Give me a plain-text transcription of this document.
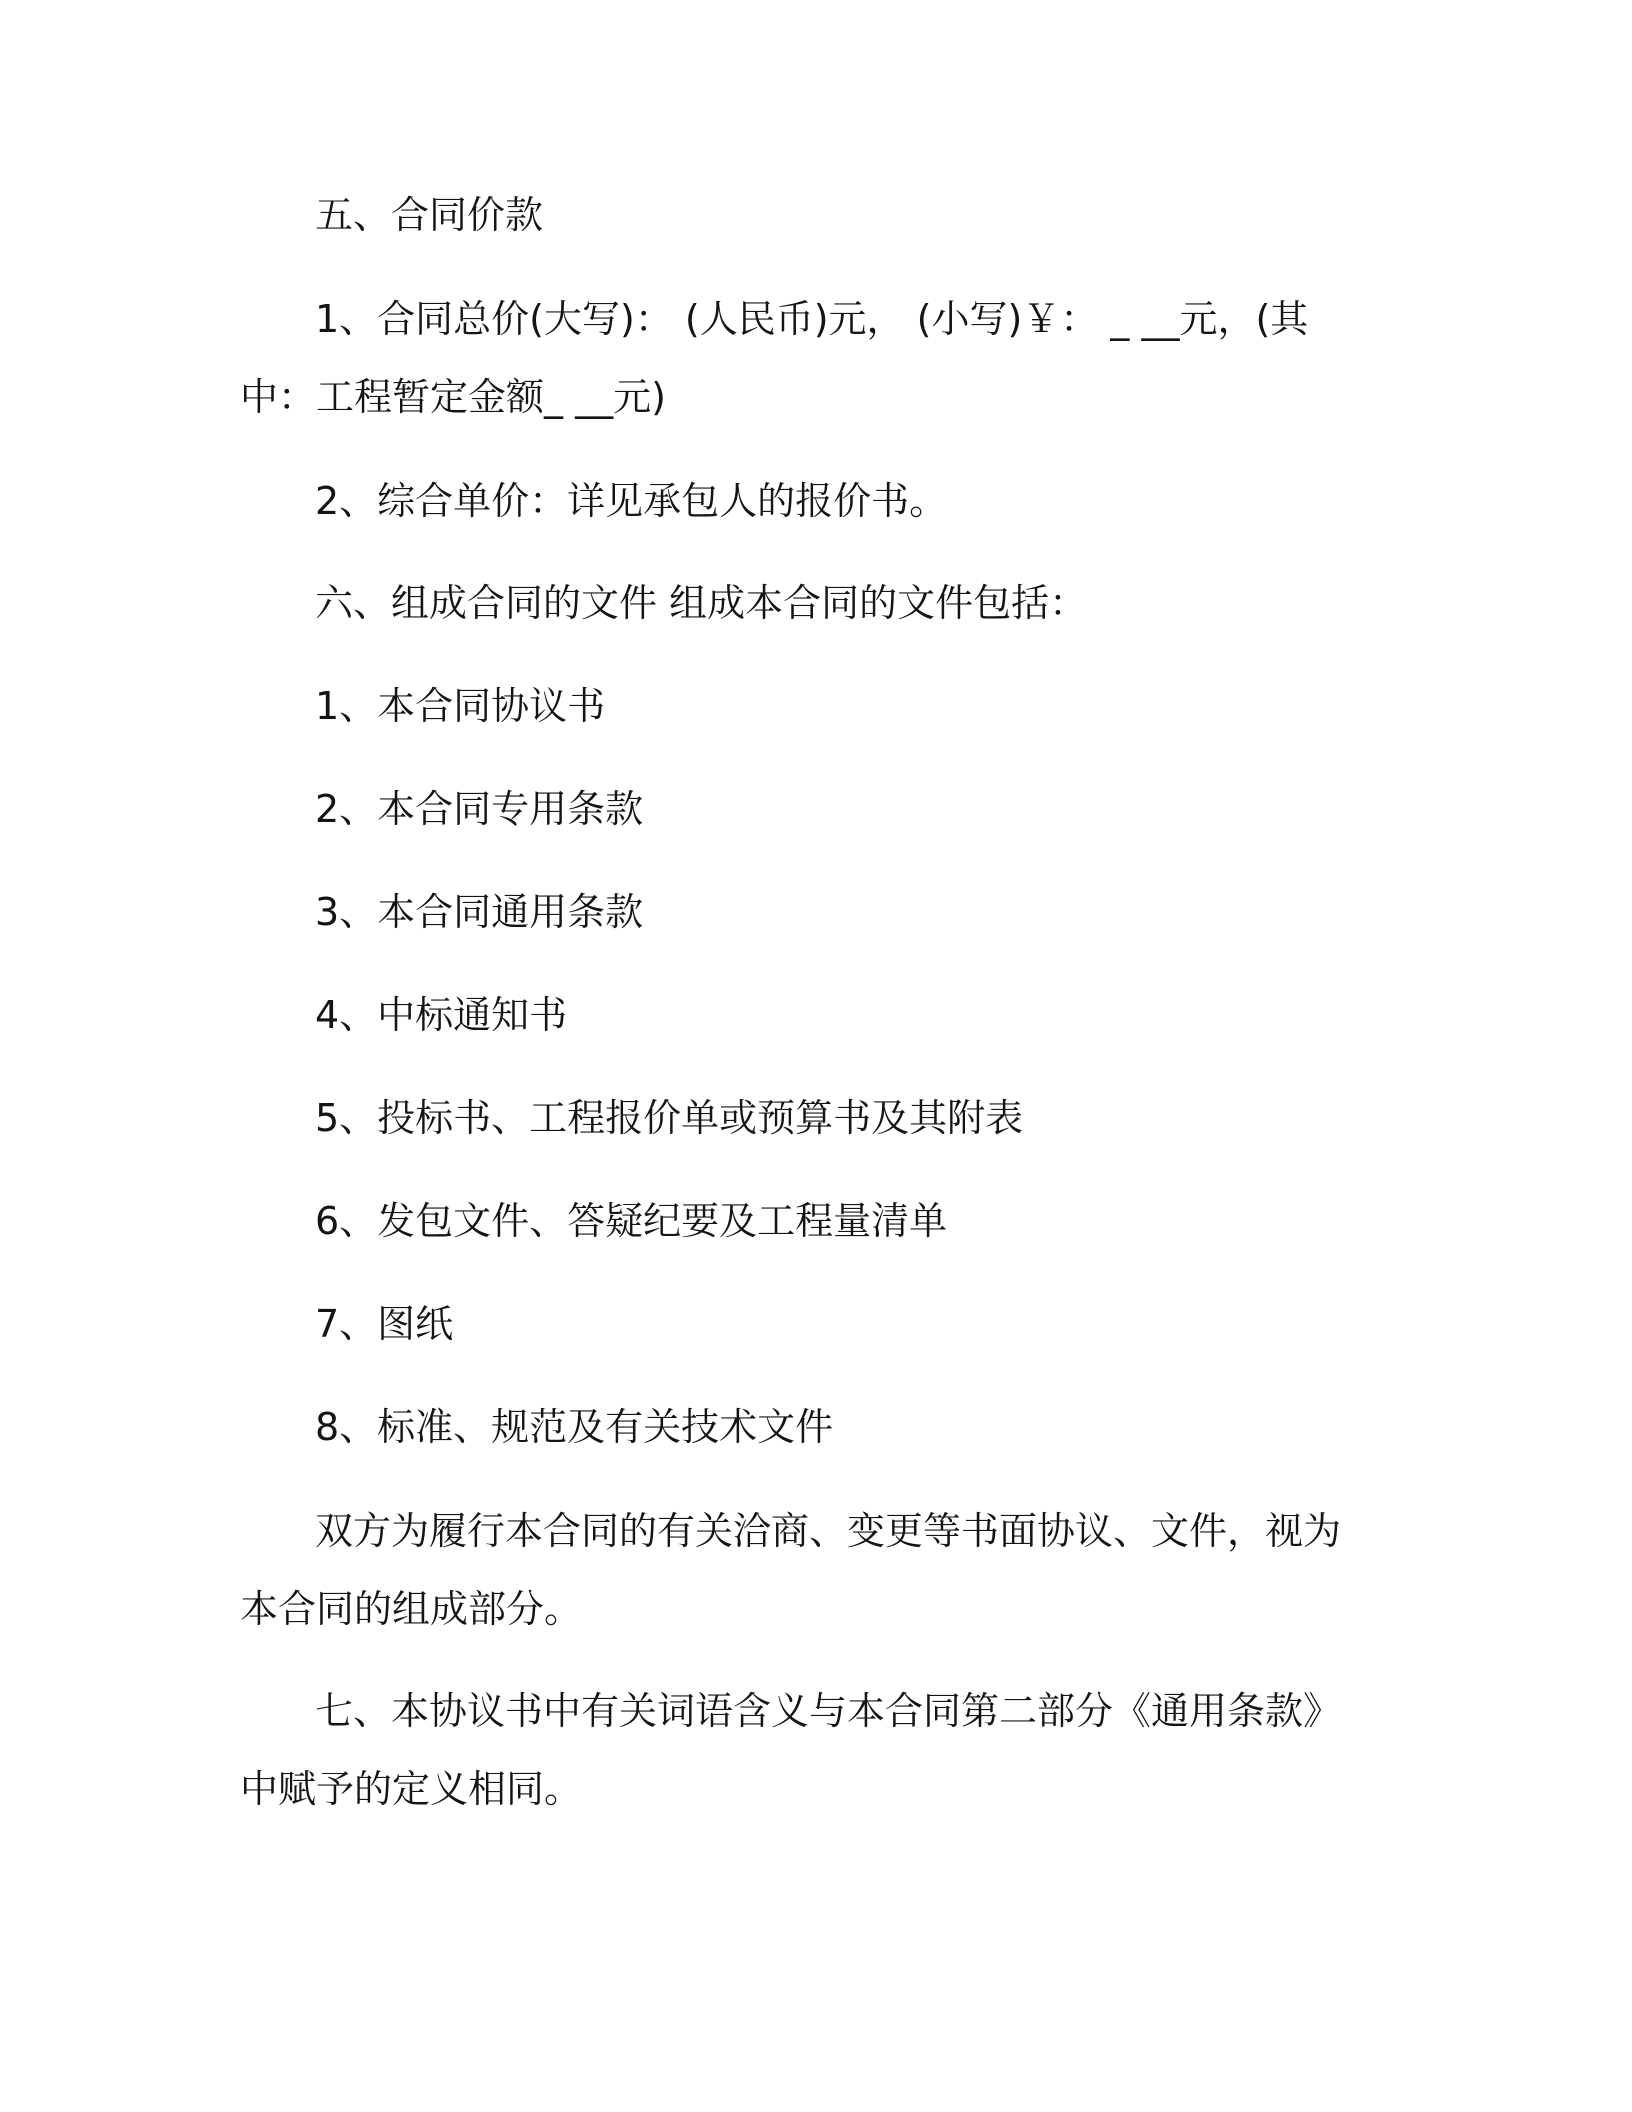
五、合同价款

1、合同总价(大写)： (人民币)元， (小写)￥： _ __元，(其中：工程暂定金额_ __元)

2、综合单价：详见承包人的报价书。

六、组成合同的文件 组成本合同的文件包括：

1、本合同协议书

2、本合同专用条款

3、本合同通用条款

4、中标通知书

5、投标书、工程报价单或预算书及其附表

6、发包文件、答疑纪要及工程量清单

7、图纸

8、标准、规范及有关技术文件

双方为履行本合同的有关洽商、变更等书面协议、文件，视为本合同的组成部分。

七、本协议书中有关词语含义与本合同第二部分《通用条款》中赋予的定义相同。
